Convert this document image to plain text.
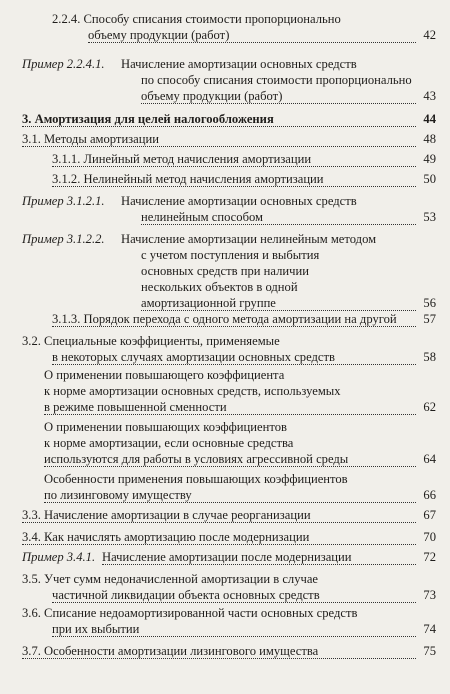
2.2.4. Способу списания стоимости пропорционально
объему продукции (работ)	42
Пример 2.2.4.1. Начисление амортизации основных средств
по способу списания стоимости пропорционально
объему продукции (работ)	43
3. Амортизация для целей налогообложения	44
3.1. Методы амортизации	48
3.1.1. Линейный метод начисления амортизации	49
3.1.2. Нелинейный метод начисления амортизации	50
Пример 3.1.2.1. Начисление амортизации основных средств
нелинейным способом	53
Пример 3.1.2.2. Начисление амортизации нелинейным методом
с учетом поступления и выбытия
основных средств при наличии
нескольких объектов в одной
амортизационной группе	56
3.1.3. Порядок перехода с одного метода амортизации на другой	57
3.2. Специальные коэффициенты, применяемые
в некоторых случаях амортизации основных средств	58
О применении повышающего коэффициента
к норме амортизации основных средств, используемых
в режиме повышенной сменности	62
О применении повышающих коэффициентов
к норме амортизации, если основные средства
используются для работы в условиях агрессивной среды	64
Особенности применения повышающих коэффициентов
по лизинговому имуществу	66
3.3. Начисление амортизации в случае реорганизации	67
3.4. Как начислять амортизацию после модернизации	70
Пример 3.4.1. Начисление амортизации после модернизации	72
3.5. Учет сумм недоначисленной амортизации в случае
частичной ликвидации объекта основных средств	73
3.6. Списание недоамортизированной части основных средств
при их выбытии	74
3.7. Особенности амортизации лизингового имущества	75
